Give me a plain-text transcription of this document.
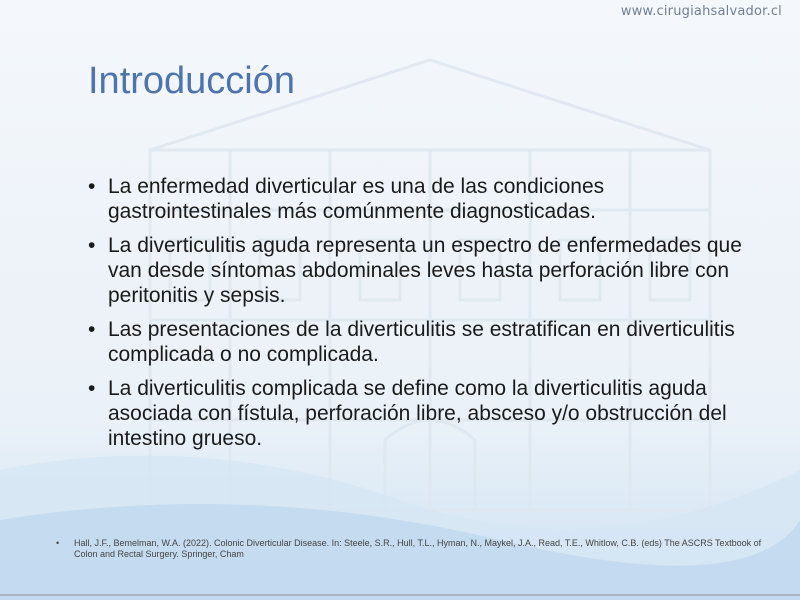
www.cirugiahsalvador.cl
Introducción
• La enfermedad diverticular es una de las condiciones gastrointestinales más comúnmente diagnosticadas.
• La diverticulitis aguda representa un espectro de enfermedades que van desde síntomas abdominales leves hasta perforación libre con peritonitis y sepsis.
• Las presentaciones de la diverticulitis se estratifican en diverticulitis complicada o no complicada.
• La diverticulitis complicada se define como la diverticulitis aguda asociada con fístula, perforación libre, absceso y/o obstrucción del intestino grueso.
•	Hall, J.F., Bemelman, W.A. (2022). Colonic Diverticular Disease. In: Steele, S.R., Hull, T.L., Hyman, N., Maykel, J.A., Read, T.E., Whitlow, C.B. (eds) The ASCRS Textbook of Colon and Rectal Surgery. Springer, Cham
